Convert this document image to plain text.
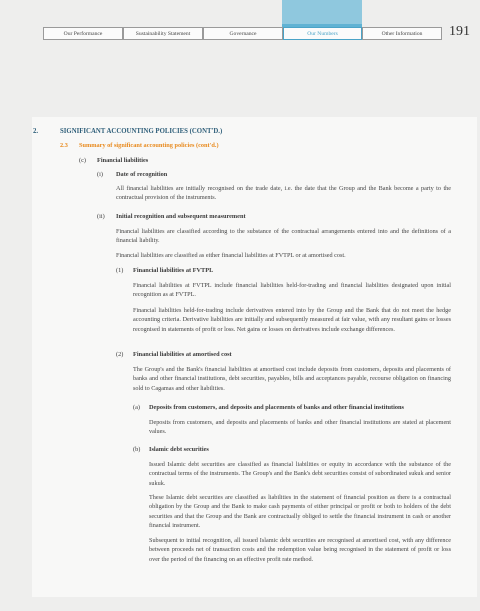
Our Performance	Sustainability Statement	Governance	Our Numbers	Other Information	191
2.	SIGNIFICANT ACCOUNTING POLICIES (CONT'D.)
2.3 Summary of significant accounting policies (cont'd.)
(c) Financial liabilities
(i) Date of recognition
All financial liabilities are initially recognised on the trade date, i.e. the date that the Group and the Bank become a party to the contractual provision of the instruments.
(ii) Initial recognition and subsequent measurement
Financial liabilities are classified according to the substance of the contractual arrangements entered into and the definitions of a financial liability.
Financial liabilities are classified as either financial liabilities at FVTPL or at amortised cost.
(1) Financial liabilities at FVTPL
Financial liabilities at FVTPL include financial liabilities held-for-trading and financial liabilities designated upon initial recognition as at FVTPL.
Financial liabilities held-for-trading include derivatives entered into by the Group and the Bank that do not meet the hedge accounting criteria. Derivative liabilities are initially and subsequently measured at fair value, with any resultant gains or losses recognised in statements of profit or loss. Net gains or losses on derivatives include exchange differences.
(2) Financial liabilities at amortised cost
The Group's and the Bank's financial liabilities at amortised cost include deposits from customers, deposits and placements of banks and other financial institutions, debt securities, payables, bills and acceptances payable, recourse obligation on financing sold to Cagamas and other liabilities.
(a) Deposits from customers, and deposits and placements of banks and other financial institutions
Deposits from customers, and deposits and placements of banks and other financial institutions are stated at placement values.
(b) Islamic debt securities
Issued Islamic debt securities are classified as financial liabilities or equity in accordance with the substance of the contractual terms of the instruments. The Group's and the Bank's debt securities consist of subordinated sukuk and senior sukuk.
These Islamic debt securities are classified as liabilities in the statement of financial position as there is a contractual obligation by the Group and the Bank to make cash payments of either principal or profit or both to holders of the debt securities and that the Group and the Bank are contractually obliged to settle the financial instrument in cash or another financial instrument.
Subsequent to initial recognition, all issued Islamic debt securities are recognised at amortised cost, with any difference between proceeds net of transaction costs and the redemption value being recognised in the statement of profit or loss over the period of the financing on an effective profit rate method.
